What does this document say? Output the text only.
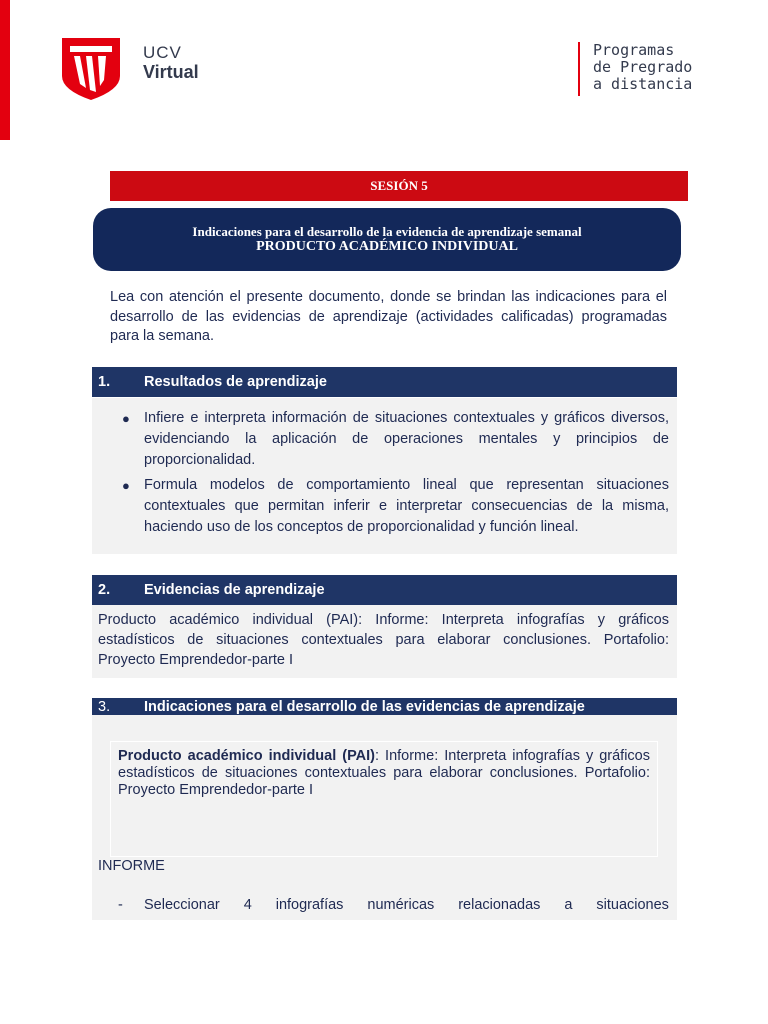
UCV
Virtual
Programas
de Pregrado
a distancia
SESIÓN 5
Indicaciones para el desarrollo de la evidencia de aprendizaje semanal
PRODUCTO ACADÉMICO INDIVIDUAL
Lea con atención el presente documento, donde se brindan las indicaciones para el desarrollo de las evidencias de aprendizaje (actividades calificadas) programadas para la semana.
1.	Resultados de aprendizaje
● Infiere e interpreta información de situaciones contextuales y gráficos diversos, evidenciando la aplicación de operaciones mentales y principios de proporcionalidad.
● Formula modelos de comportamiento lineal que representan situaciones contextuales que permitan inferir e interpretar consecuencias de la misma, haciendo uso de los conceptos de proporcionalidad y función lineal.
2.	Evidencias de aprendizaje
Producto académico individual (PAI): Informe: Interpreta infografías y gráficos estadísticos de situaciones contextuales para elaborar conclusiones. Portafolio: Proyecto Emprendedor-parte I
3.	Indicaciones para el desarrollo de las evidencias de aprendizaje
Producto académico individual (PAI): Informe: Interpreta infografías y gráficos estadísticos de situaciones contextuales para elaborar conclusiones. Portafolio: Proyecto Emprendedor-parte I
INFORME
- Seleccionar 4 infografías numéricas relacionadas a situaciones
